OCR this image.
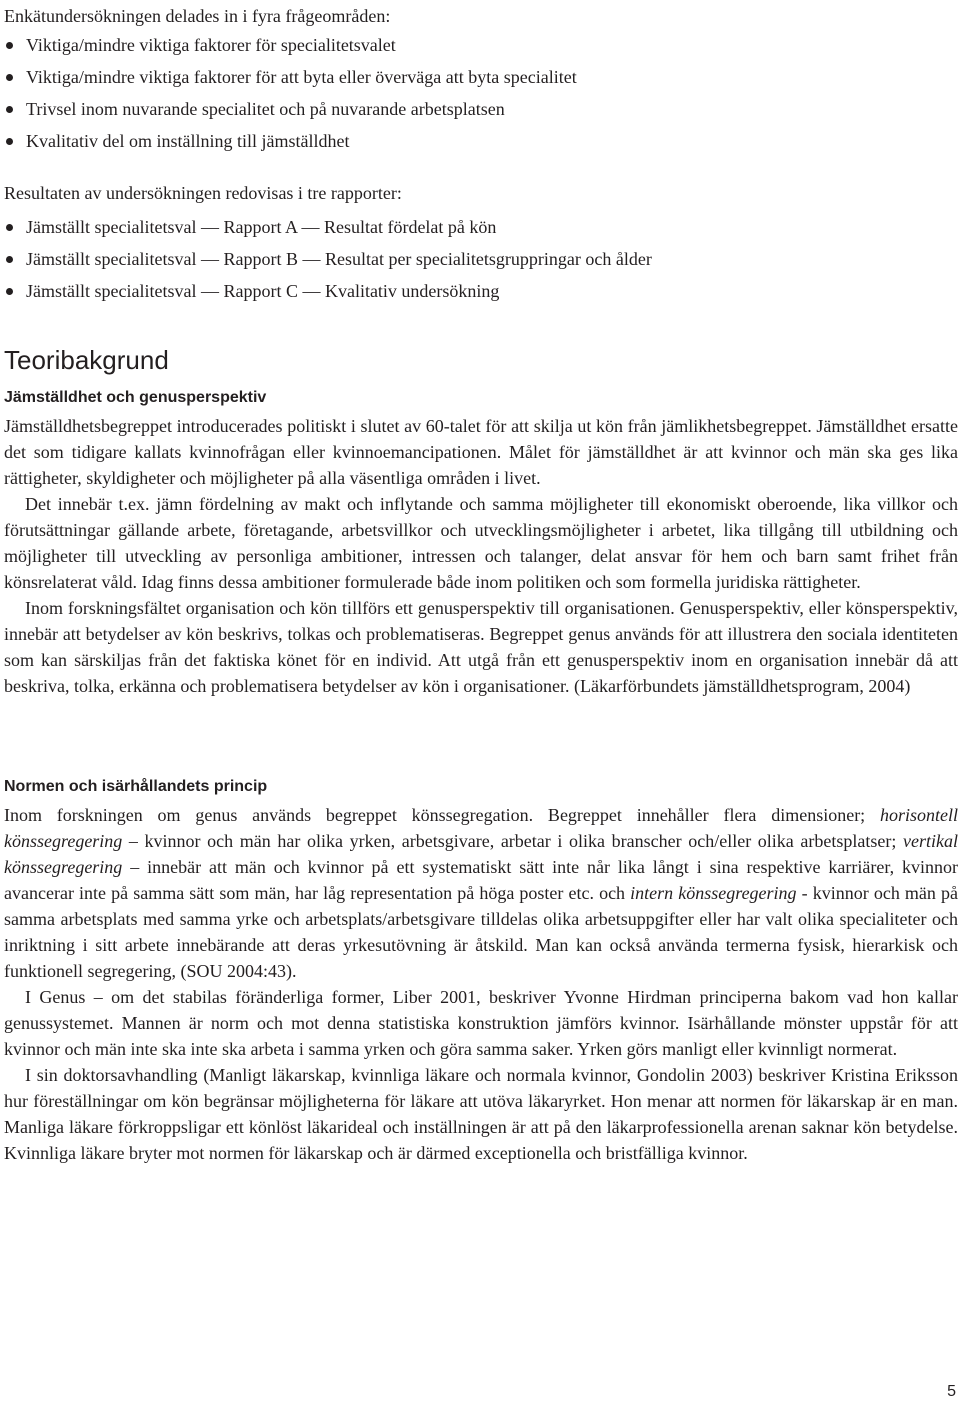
Enkätundersökningen delades in i fyra frågeområden:

Viktiga/mindre viktiga faktorer för specialitetsvalet
Viktiga/mindre viktiga faktorer för att byta eller överväga att byta specialitet
Trivsel inom nuvarande specialitet och på nuvarande arbetsplatsen
Kvalitativ del om inställning till jämställdhet

Resultaten av undersökningen redovisas i tre rapporter:

Jämställt specialitetsval — Rapport A — Resultat fördelat på kön
Jämställt specialitetsval — Rapport B — Resultat per specialitetsgruppringar och ålder
Jämställt specialitetsval — Rapport C — Kvalitativ undersökning
Teoribakgrund
Jämställdhet och genusperspektiv

Jämställdhetsbegreppet introducerades politiskt i slutet av 60-talet för att skilja ut kön från jämlikhetsbegreppet. Jämställdhet ersatte det som tidigare kallats kvinnofrågan eller kvinnoemancipationen. Målet för jämställdhet är att kvinnor och män ska ges lika rättigheter, skyldigheter och möjligheter på alla väsentliga områden i livet.

Det innebär t.ex. jämn fördelning av makt och inflytande och samma möjligheter till ekonomiskt oberoende, lika villkor och förutsättningar gällande arbete, företagande, arbetsvillkor och utvecklingsmöjligheter i arbetet, lika tillgång till utbildning och möjligheter till utveckling av personliga ambitioner, intressen och talanger, delat ansvar för hem och barn samt frihet från könsrelaterat våld. Idag finns dessa ambitioner formulerade både inom politiken och som formella juridiska rättigheter.

Inom forskningsfältet organisation och kön tillförs ett genusperspektiv till organisationen. Genusperspektiv, eller könsperspektiv, innebär att betydelser av kön beskrivs, tolkas och problematiseras. Begreppet genus används för att illustrera den sociala identiteten som kan särskiljas från det faktiska könet för en individ. Att utgå från ett genusperspektiv inom en organisation innebär då att beskriva, tolka, erkänna och problematisera betydelser av kön i organisationer. (Läkarförbundets jämställdhetsprogram, 2004)

Normen och isärhållandets princip

Inom forskningen om genus används begreppet könssegregation. Begreppet innehåller flera dimensioner; horisontell könssegregering – kvinnor och män har olika yrken, arbetsgivare, arbetar i olika branscher och/eller olika arbetsplatser; vertikal könssegregering – innebär att män och kvinnor på ett systematiskt sätt inte når lika långt i sina respektive karriärer, kvinnor avancerar inte på samma sätt som män, har låg representation på höga poster etc. och intern könssegregering - kvinnor och män på samma arbetsplats med samma yrke och arbetsplats/arbetsgivare tilldelas olika arbetsuppgifter eller har valt olika specialiteter och inriktning i sitt arbete innebärande att deras yrkesutövning är åtskild. Man kan också använda termerna fysisk, hierarkisk och funktionell segregering, (SOU 2004:43).

I Genus – om det stabilas föränderliga former, Liber 2001, beskriver Yvonne Hirdman principerna bakom vad hon kallar genussystemet. Mannen är norm och mot denna statistiska konstruktion jämförs kvinnor. Isärhållande mönster uppstår för att kvinnor och män inte ska inte ska arbeta i samma yrken och göra samma saker. Yrken görs manligt eller kvinnligt normerat.

I sin doktorsavhandling (Manligt läkarskap, kvinnliga läkare och normala kvinnor, Gondolin 2003) beskriver Kristina Eriksson hur föreställningar om kön begränsar möjligheterna för läkare att utöva läkaryrket. Hon menar att normen för läkarskap är en man. Manliga läkare förkroppsligar ett könlöst läkarideal och inställningen är att på den läkarprofessionella arenan saknar kön betydelse. Kvinnliga läkare bryter mot normen för läkarskap och är därmed exceptionella och bristfälliga kvinnor.

5
